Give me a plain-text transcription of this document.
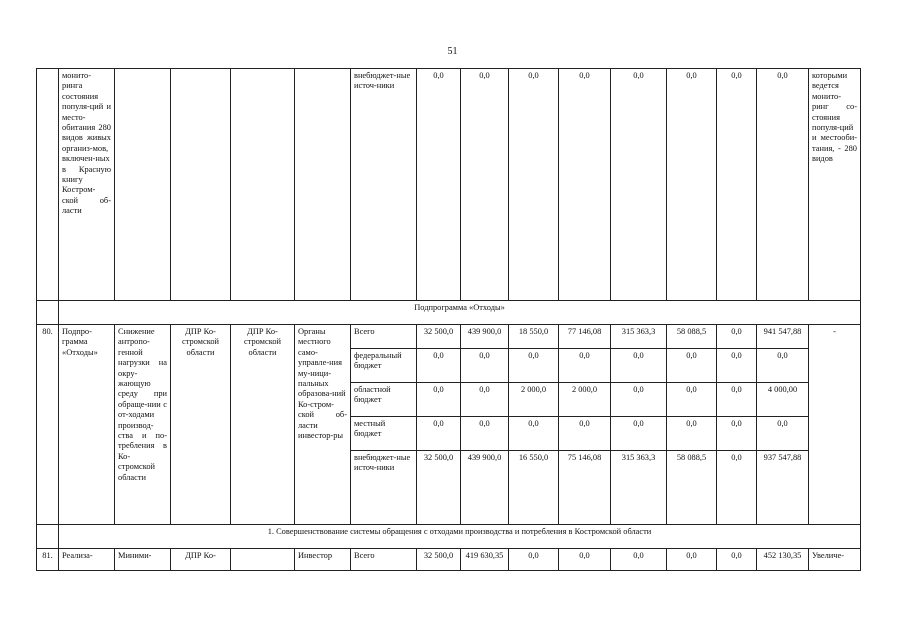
51
	монито-ринга состояния популя-ций и место-обитания 280 видов живых организ-мов, включен-ных в Красную книгу Костром-ской об-ласти					внебюджет-ные источ-ники	0,0	0,0	0,0	0,0	0,0	0,0	0,0	0,0	которыми ведется монито-ринг со-стояния популя-ций и местооби-тания, - 280 видов
	Подпрограмма «Отходы»														
80.	Подпро-грамма «Отходы»	Снижение антропо-генной нагрузки на окру-жающую среду при обраще-нии с от-ходами производ-ства и по-требления в Ко-стромской области	ДПР Ко-стромской области	ДПР Ко-стромской области	Органы местного само-управле-ния му-ници-пальных образова-ний Ко-стром-ской об-ласти инвестор-ры	Всего	32 500,0	439 900,0	18 550,0	77 146,08	315 363,3	58 088,5	0,0	941 547,88	-
						федеральный бюджет	0,0	0,0	0,0	0,0	0,0	0,0	0,0	0,0	
						областной бюджет	0,0	0,0	2 000,0	2 000,0	0,0	0,0	0,0	4 000,00	
						местный бюджет	0,0	0,0	0,0	0,0	0,0	0,0	0,0	0,0	
						внебюджет-ные источ-ники	32 500,0	439 900,0	16 550,0	75 146,08	315 363,3	58 088,5	0,0	937 547,88	
	1. Совершенствование системы обращения с отходами производства и потребления в Костромской области														
81.	Реализа-	Миними-	ДПР Ко-		Инвестор	Всего	32 500,0	419 630,35	0,0	0,0	0,0	0,0	0,0	452 130,35	Увеличе-
